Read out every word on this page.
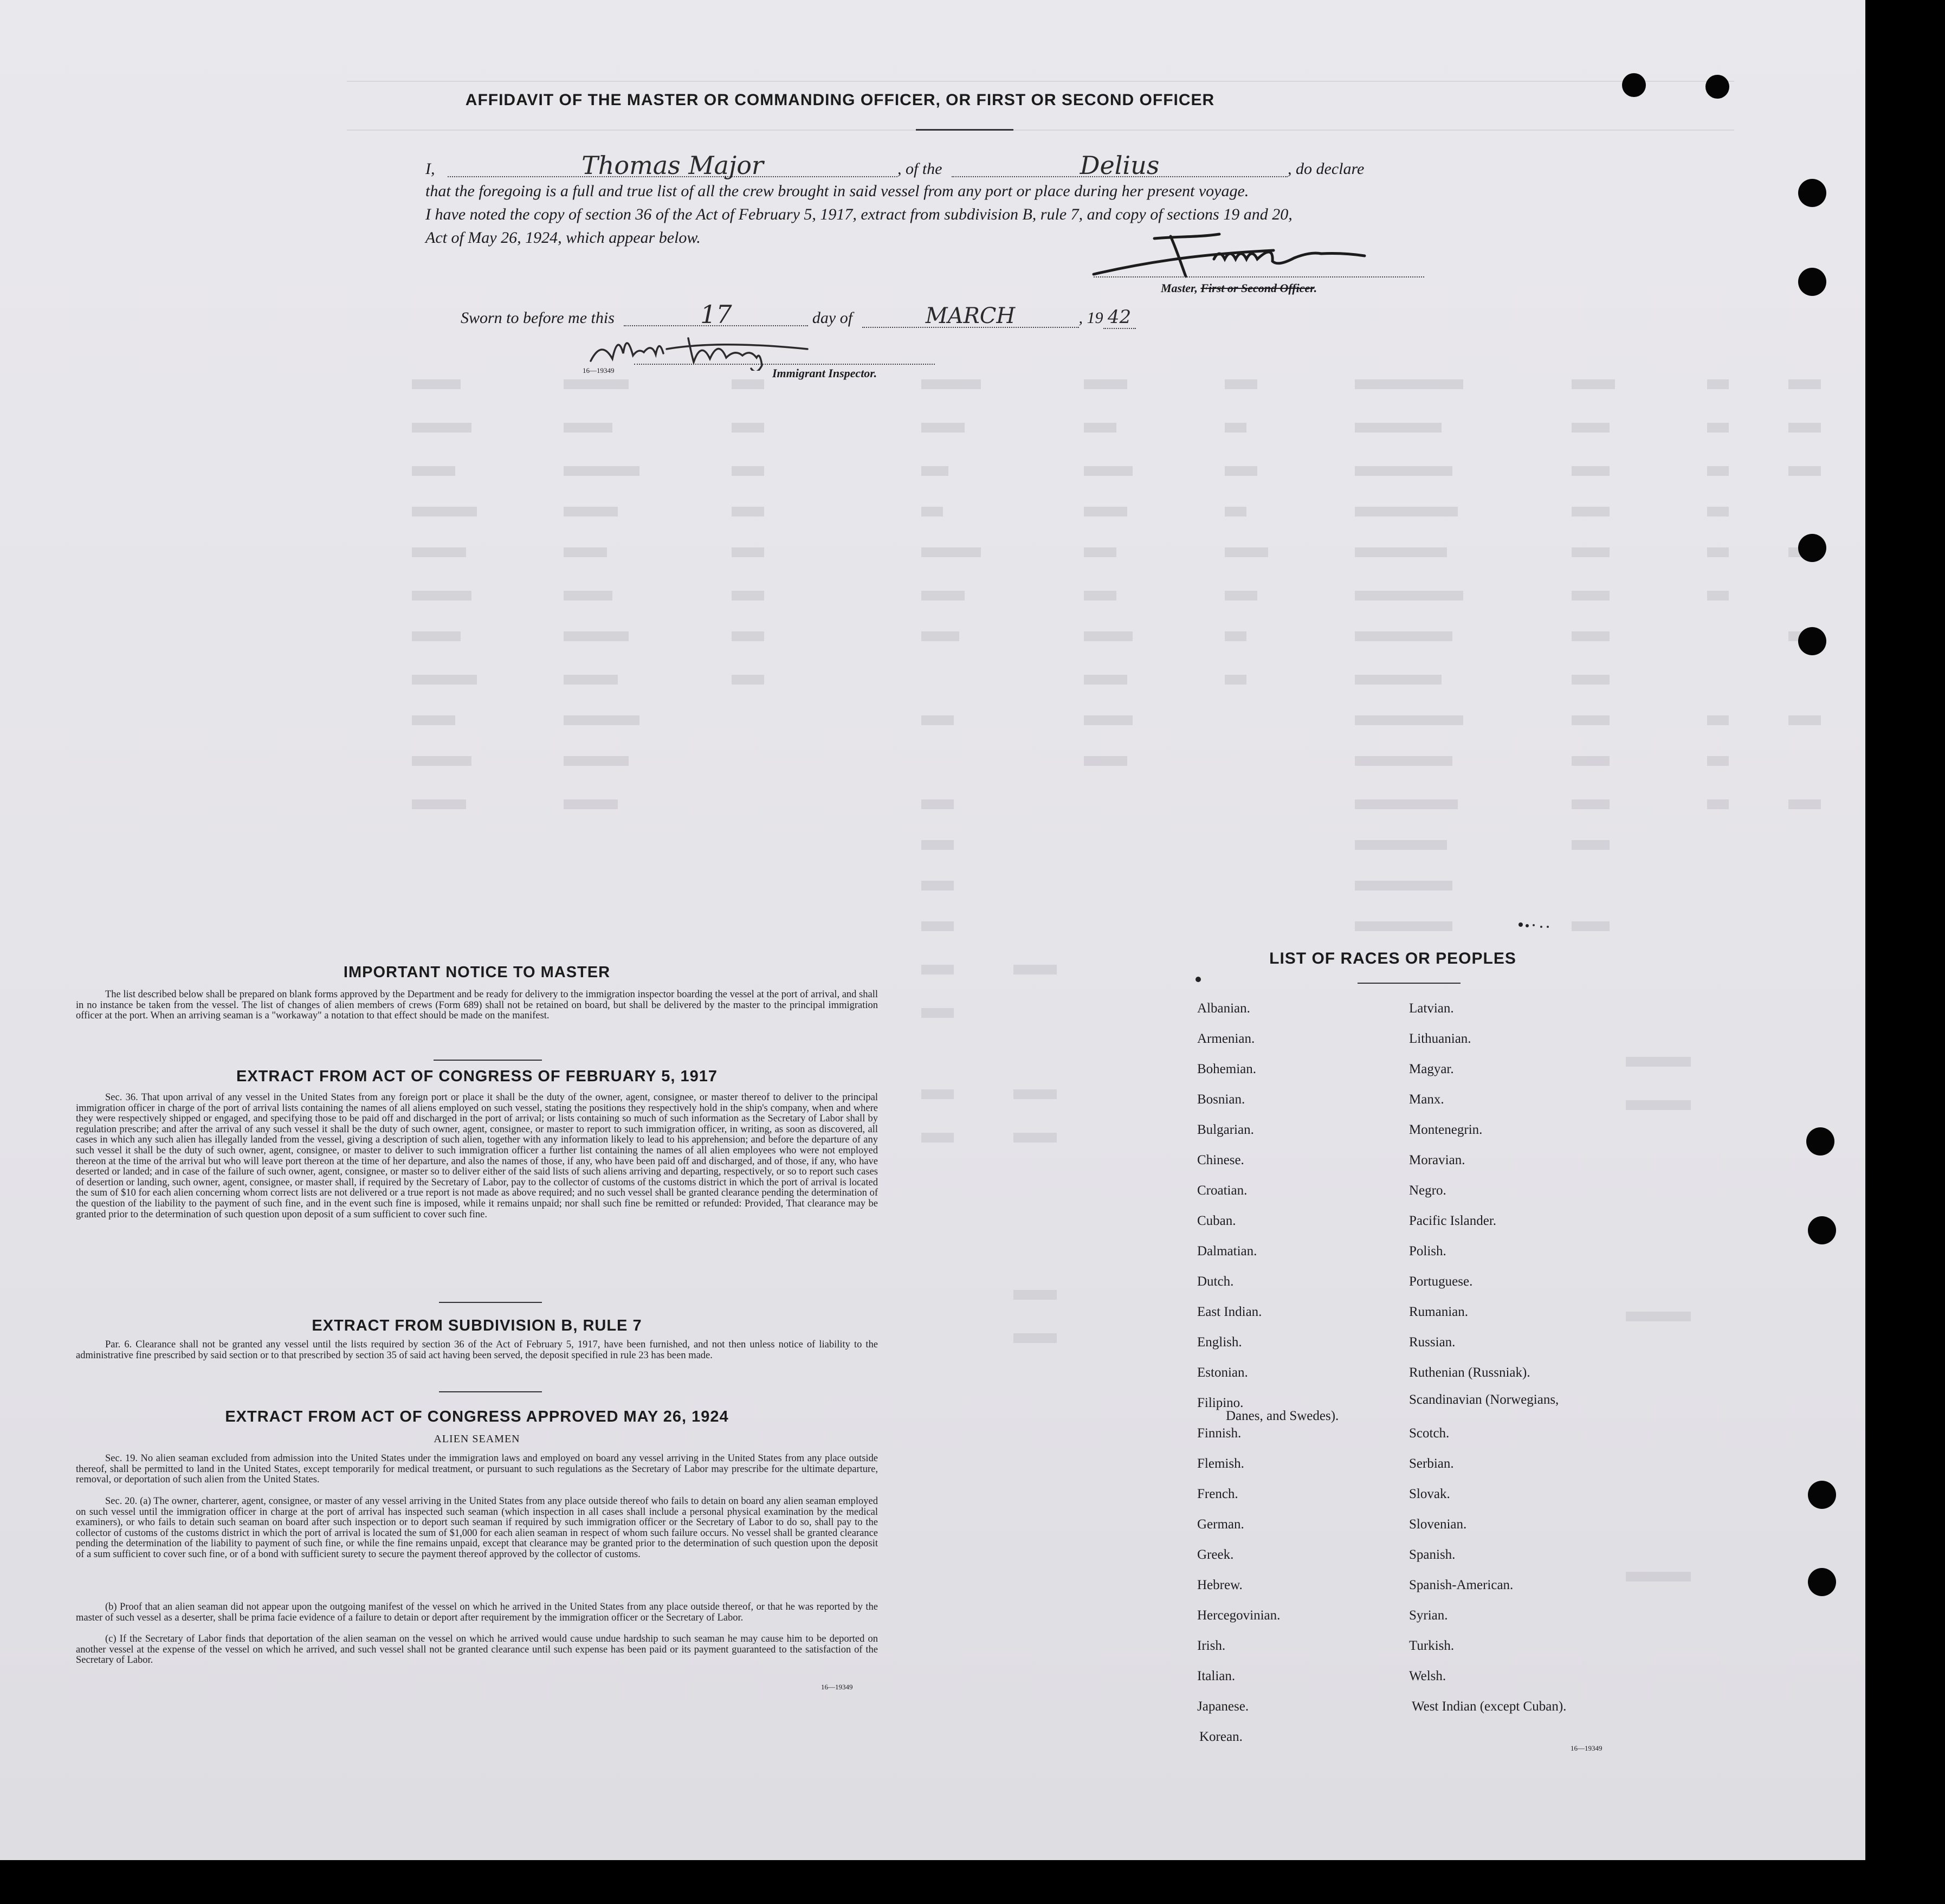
AFFIDAVIT OF THE MASTER OR COMMANDING OFFICER, OR FIRST OR SECOND OFFICER
I,	Thomas Major	, of the	Delius	, do declare
that the foregoing is a full and true list of all the crew brought in said vessel from any port or place during her present voyage.
I have noted the copy of section 36 of the Act of February 5, 1917, extract from subdivision B, rule 7, and copy of sections 19 and 20,
Act of May 26, 1924, which appear below.
Master, First or Second Officer.
Sworn to before me this	17	day of	MARCH	, 19 42
16—19349	Immigrant Inspector.
IMPORTANT NOTICE TO MASTER
The list described below shall be prepared on blank forms approved by the Department and be ready for delivery to the immigration inspector boarding the vessel at the port of arrival, and shall in no instance be taken from the vessel. The list of changes of alien members of crews (Form 689) shall not be retained on board, but shall be delivered by the master to the principal immigration officer at the port. When an arriving seaman is a "workaway" a notation to that effect should be made on the manifest.
EXTRACT FROM ACT OF CONGRESS OF FEBRUARY 5, 1917
Sec. 36. That upon arrival of any vessel in the United States from any foreign port or place it shall be the duty of the owner, agent, consignee, or master thereof to deliver to the principal immigration officer in charge of the port of arrival lists containing the names of all aliens employed on such vessel, stating the positions they respectively hold in the ship's company, when and where they were respectively shipped or engaged, and specifying those to be paid off and discharged in the port of arrival; or lists containing so much of such information as the Secretary of Labor shall by regulation prescribe; and after the arrival of any such vessel it shall be the duty of such owner, agent, consignee, or master to report to such immigration officer, in writing, as soon as discovered, all cases in which any such alien has illegally landed from the vessel, giving a description of such alien, together with any information likely to lead to his apprehension; and before the departure of any such vessel it shall be the duty of such owner, agent, consignee, or master to deliver to such immigration officer a further list containing the names of all alien employees who were not employed thereon at the time of the arrival but who will leave port thereon at the time of her departure, and also the names of those, if any, who have been paid off and discharged, and of those, if any, who have deserted or landed; and in case of the failure of such owner, agent, consignee, or master so to deliver either of the said lists of such aliens arriving and departing, respectively, or so to report such cases of desertion or landing, such owner, agent, consignee, or master shall, if required by the Secretary of Labor, pay to the collector of customs of the customs district in which the port of arrival is located the sum of $10 for each alien concerning whom correct lists are not delivered or a true report is not made as above required; and no such vessel shall be granted clearance pending the determination of the question of the liability to the payment of such fine, and in the event such fine is imposed, while it remains unpaid; nor shall such fine be remitted or refunded: Provided, That clearance may be granted prior to the determination of such question upon deposit of a sum sufficient to cover such fine.
EXTRACT FROM SUBDIVISION B, RULE 7
Par. 6. Clearance shall not be granted any vessel until the lists required by section 36 of the Act of February 5, 1917, have been furnished, and not then unless notice of liability to the administrative fine prescribed by said section or to that prescribed by section 35 of said act having been served, the deposit specified in rule 23 has been made.
EXTRACT FROM ACT OF CONGRESS APPROVED MAY 26, 1924
ALIEN SEAMEN
Sec. 19. No alien seaman excluded from admission into the United States under the immigration laws and employed on board any vessel arriving in the United States from any place outside thereof, shall be permitted to land in the United States, except temporarily for medical treatment, or pursuant to such regulations as the Secretary of Labor may prescribe for the ultimate departure, removal, or deportation of such alien from the United States.
Sec. 20. (a) The owner, charterer, agent, consignee, or master of any vessel arriving in the United States from any place outside thereof who fails to detain on board any alien seaman employed on such vessel until the immigration officer in charge at the port of arrival has inspected such seaman (which inspection in all cases shall include a personal physical examination by the medical examiners), or who fails to detain such seaman on board after such inspection or to deport such seaman if required by such immigration officer or the Secretary of Labor to do so, shall pay to the collector of customs of the customs district in which the port of arrival is located the sum of $1,000 for each alien seaman in respect of whom such failure occurs. No vessel shall be granted clearance pending the determination of the liability to payment of such fine, or while the fine remains unpaid, except that clearance may be granted prior to the determination of such question upon the deposit of a sum sufficient to cover such fine, or of a bond with sufficient surety to secure the payment thereof approved by the collector of customs.
(b) Proof that an alien seaman did not appear upon the outgoing manifest of the vessel on which he arrived in the United States from any place outside thereof, or that he was reported by the master of such vessel as a deserter, shall be prima facie evidence of a failure to detain or deport after requirement by the immigration officer or the Secretary of Labor.
(c) If the Secretary of Labor finds that deportation of the alien seaman on the vessel on which he arrived would cause undue hardship to such seaman he may cause him to be deported on another vessel at the expense of the vessel on which he arrived, and such vessel shall not be granted clearance until such expense has been paid or its payment guaranteed to the satisfaction of the Secretary of Labor.
16—19349
LIST OF RACES OR PEOPLES
16—19349
Albanian.
Armenian.
Bohemian.
Bosnian.
Bulgarian.
Chinese.
Croatian.
Cuban.
Dalmatian.
Dutch.
East Indian.
English.
Estonian.
Filipino.
Finnish.
Flemish.
French.
German.
Greek.
Hebrew.
Hercegovinian.
Irish.
Italian.
Japanese.
Korean.
Latvian.
Lithuanian.
Magyar.
Manx.
Montenegrin.
Moravian.
Negro.
Pacific Islander.
Polish.
Portuguese.
Rumanian.
Russian.
Ruthenian (Russniak).
Scandinavian (Norwegians,
Danes, and Swedes).
Scotch.
Serbian.
Slovak.
Slovenian.
Spanish.
Spanish-American.
Syrian.
Turkish.
Welsh.
West Indian (except Cuban).
